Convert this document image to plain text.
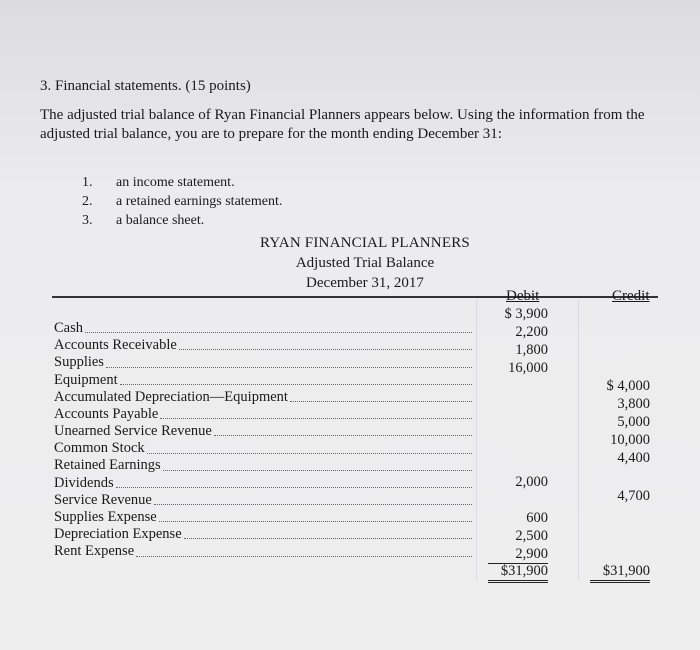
3. Financial statements. (15 points)
The adjusted trial balance of Ryan Financial Planners appears below. Using the information from the adjusted trial balance, you are to prepare for the month ending December 31:
1. an income statement.
2. a retained earnings statement.
3. a balance sheet.
RYAN FINANCIAL PLANNERS
Adjusted Trial Balance
December 31, 2017
Debit	Credit
Cash
Accounts Receivable
Supplies
Equipment
Accumulated Depreciation—Equipment
Accounts Payable
Unearned Service Revenue
Common Stock
Retained Earnings
Dividends
Service Revenue
Supplies Expense
Depreciation Expense
Rent Expense
$ 3,900
2,200
1,800
16,000
2,000
600
2,500
2,900
$31,900
$ 4,000
3,800
5,000
10,000
4,400
4,700
$31,900
